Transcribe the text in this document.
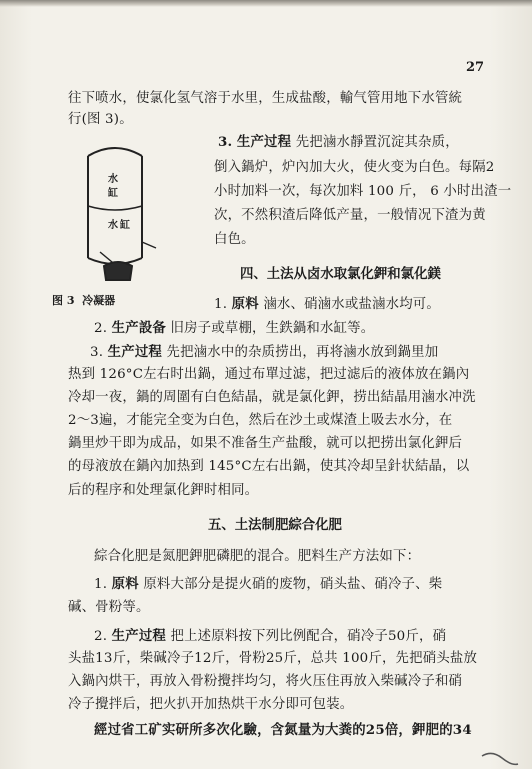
27
往下喷水，使氯化氢气溶于水里，生成盐酸，輸气管用地下水管統
行(图 3)。
3. 生产过程 先把滷水靜置沉淀其杂质，
倒入鍋炉，炉內加大火，使火变为白色。每隔2
小时加料一次，每次加料 100 斤， 6 小时出渣一
次，不然积渣后降低产量，一般情况下渣为黄
白色。
水
缸
水 缸
图 3 冷凝器
四、土法从卤水取氯化鉀和氯化鎂
1. 原料 滷水、硝滷水或盐滷水均可。
2. 生产設备 旧房子或草棚，生鉄鍋和水缸等。
3. 生产过程 先把滷水中的杂质捞出，再将滷水放到鍋里加
热到 126°C左右时出鍋，通过布單过滤，把过滤后的液体放在鍋內
冷却一夜，鍋的周圍有白色結晶，就是氯化鉀，捞出結晶用滷水冲洗
2～3遍，才能完全变为白色，然后在沙土或煤渣上吸去水分，在
鍋里炒干即为成品，如果不准备生产盐酸，就可以把捞出氯化鉀后
的母液放在鍋內加热到 145°C左右出鍋，使其冷却呈針状結晶，以
后的程序和处理氯化鉀时相同。
五、土法制肥綜合化肥
綜合化肥是氮肥鉀肥磷肥的混合。肥料生产方法如下：
1. 原料 原料大部分是提火硝的废物，硝头盐、硝冷子、柴
碱、骨粉等。
2. 生产过程 把上述原料按下列比例配合，硝冷子50斤，硝
头盐13斤，柴碱冷子12斤，骨粉25斤，总共 100斤，先把硝头盐放
入鍋內烘干，再放入骨粉攪拌均匀，将火压住再放入柴碱冷子和硝
冷子攪拌后，把火扒开加热烘干水分即可包装。
經过省工矿实研所多次化驗，含氮量为大粪的25倍，鉀肥的34
